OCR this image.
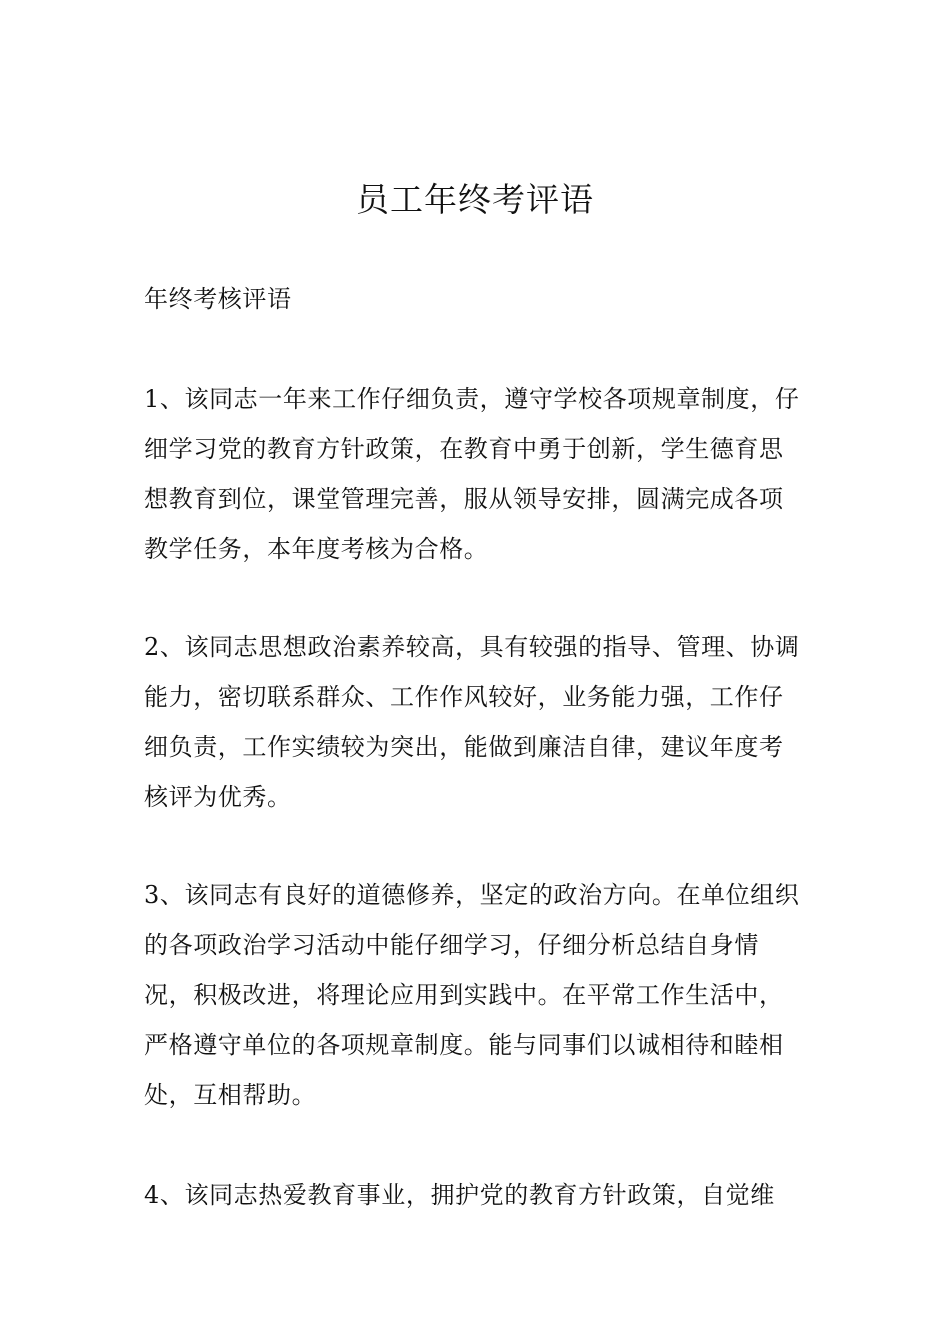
员工年终考评语

年终考核评语

1、该同志一年来工作仔细负责，遵守学校各项规章制度，仔细学习党的教育方针政策，在教育中勇于创新，学生德育思想教育到位，课堂管理完善，服从领导安排，圆满完成各项教学任务，本年度考核为合格。

2、该同志思想政治素养较高，具有较强的指导、管理、协调能力，密切联系群众、工作作风较好，业务能力强，工作仔细负责，工作实绩较为突出，能做到廉洁自律，建议年度考核评为优秀。

3、该同志有良好的道德修养，坚定的政治方向。在单位组织的各项政治学习活动中能仔细学习，仔细分析总结自身情况，积极改进，将理论应用到实践中。在平常工作生活中，严格遵守单位的各项规章制度。能与同事们以诚相待和睦相处，互相帮助。

4、该同志热爱教育事业，拥护党的教育方针政策，自觉维
